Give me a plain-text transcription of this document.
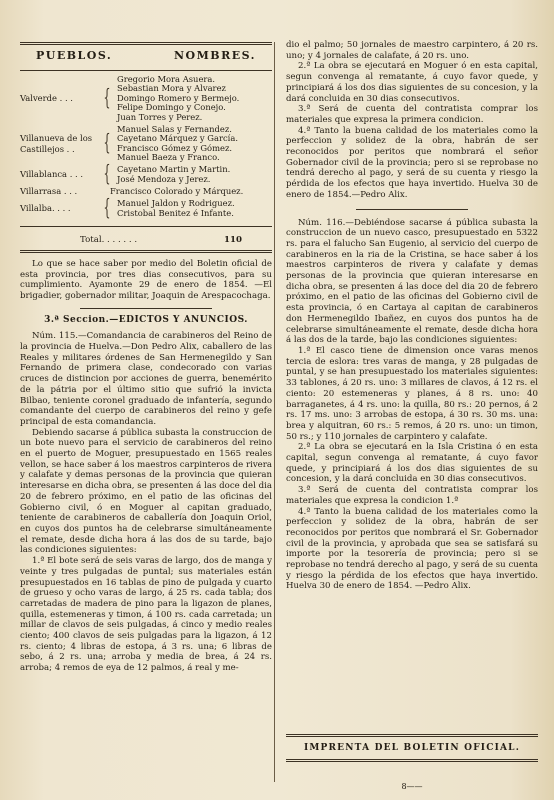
PUEBLOS.	NOMBRES.
Valverde . . .	{
Gregorio Mora Asuera.
Sebastian Mora y Alvarez
Domingo Romero y Bermejo.
Felipe Domingo y Conejo.
Juan Torres y Perez.
Villanueva de los Castillejos . .	{
Manuel Salas y Fernandez.
Cayetano Márquez y García.
Francisco Gómez y Gómez.
Manuel Baeza y Franco.
Villablanca . . . { Cayetano Martin y Martin.
José Mendoza y Jerez.
Villarrasa . . .	Francisco Colorado y Márquez.
Villalba. . . .	{ Manuel Jaldon y Rodriguez.
Cristobal Benitez é Infante.
Total. . . . . . .	110

Lo que se hace saber por medio del Boletin oficial de esta provincia, por tres dias consecutivos, para su cumplimiento. Ayamonte 29 de enero de 1854. —El brigadier, gobernador militar, Joaquin de Arespacochaga.

3.ª Seccion.—EDICTOS Y ANUNCIOS.

Núm. 115.—Comandancia de carabineros del Reino de la provincia de Huelva.—Don Pedro Alix, caballero de las Reales y militares órdenes de San Hermenegildo y San Fernando de primera clase, condecorado con varias cruces de distincion por acciones de guerra, benemérito de la pátria por el último sitio que sufrió la invicta Bilbao, teniente coronel graduado de infantería, segundo comandante del cuerpo de carabineros del reino y gefe principal de esta comandancia.

Debiendo sacarse á pública subasta la construccion de un bote nuevo para el servicio de carabineros del reino en el puerto de Moguer, presupuestado en 1565 reales vellon, se hace saber á los maestros carpinteros de rivera y calafate y demas personas de la provincia que quieran interesarse en dicha obra, se presenten á las doce del dia 20 de febrero próximo, en el patio de las oficinas del Gobierno civil, ó en Moguer al capitan graduado, teniente de carabineros de caballería don Joaquin Oriol, en cuyos dos puntos ha de celebrarse simultáneamente el remate, desde dicha hora á las dos de su tarde, bajo las condiciones siguientes:

1.ª El bote será de seis varas de largo, dos de manga y veinte y tres pulgadas de puntal; sus materiales están presupuestados en 16 tablas de pino de pulgada y cuarto de grueso y ocho varas de largo, á 25 rs. cada tabla; dos carretadas de madera de pino para la ligazon de planes, quilla, estemeneras y timon, á 100 rs. cada carretada; un millar de clavos de seis pulgadas, á cinco y medio reales ciento; 400 clavos de seis pulgadas para la ligazon, á 12 rs. ciento; 4 libras de estopa, á 3 rs. una; 6 libras de sebo, á 2 rs. una; arroba y media de brea, á 24 rs. arroba; 4 remos de eya de 12 palmos, á real y me-

dio el palmo; 50 jornales de maestro carpintero, á 20 rs. uno; y 4 jornales de calafate, á 20 rs. uno.

2.ª La obra se ejecutará en Moguer ó en esta capital, segun convenga al rematante, á cuyo favor quede, y principiará á los dos dias siguientes de su concesion, y la dará concluida en 30 dias consecutivos.

3.ª Será de cuenta del contratista comprar los materiales que expresa la primera condicion.

4.ª Tanto la buena calidad de los materiales como la perfeccion y solidez de la obra, habrán de ser reconocidos por peritos que nombrará el señor Gobernador civil de la provincia; pero si se reprobase no tendrá derecho al pago, y será de su cuenta y riesgo la pérdida de los efectos que haya invertido. Huelva 30 de enero de 1854.—Pedro Alix.

Núm. 116.—Debiéndose sacarse á pública subasta la construccion de un nuevo casco, presupuestado en 5322 rs. para el falucho San Eugenio, al servicio del cuerpo de carabineros en la ria de la Cristina, se hace saber á los maestros carpinteros de rivera y calafate y demas personas de la provincia que quieran interesarse en dicha obra, se presenten á las doce del dia 20 de febrero próximo, en el patio de las oficinas del Gobierno civil de esta provincia, ó en Cartaya al capitan de carabineros don Hermenegildo Ibañez, en cuyos dos puntos ha de celebrarse simultáneamente el remate, desde dicha hora á las dos de la tarde, bajo las condiciones siguientes:

1.ª El casco tiene de dimension once varas menos tercia de eslora: tres varas de manga, y 28 pulgadas de puntal, y se han presupuestado los materiales siguientes: 33 tablones, á 20 rs. uno: 3 millares de clavos, á 12 rs. el ciento: 20 estemeneras y planes, á 8 rs. uno: 40 barraganetes, á 4 rs. uno: la quilla, 80 rs.: 20 pernos, á 2 rs. 17 ms. uno: 3 arrobas de estopa, á 30 rs. 30 ms. una: brea y alquitran, 60 rs.: 5 remos, á 20 rs. uno: un timon, 50 rs.; y 110 jornales de carpintero y calafate.

2.ª La obra se ejecutará en la Isla Cristina ó en esta capital, segun convenga al rematante, á cuyo favor quede, y principiará á los dos dias siguientes de su concesion, y la dará concluida en 30 dias consecutivos.

3.ª Será de cuenta del contratista comprar los materiales que expresa la condicion 1.ª

4.ª Tanto la buena calidad de los materiales como la perfeccion y solidez de la obra, habrán de ser reconocidos por peritos que nombrará el Sr. Gobernador civil de la provincia, y aprobada que sea se satisfará su importe por la tesorería de provincia; pero si se reprobase no tendrá derecho al pago, y será de su cuenta y riesgo la pérdida de los efectos que haya invertido. Huelva 30 de enero de 1854. —Pedro Alix.

IMPRENTA DEL BOLETIN OFICIAL.
8——
